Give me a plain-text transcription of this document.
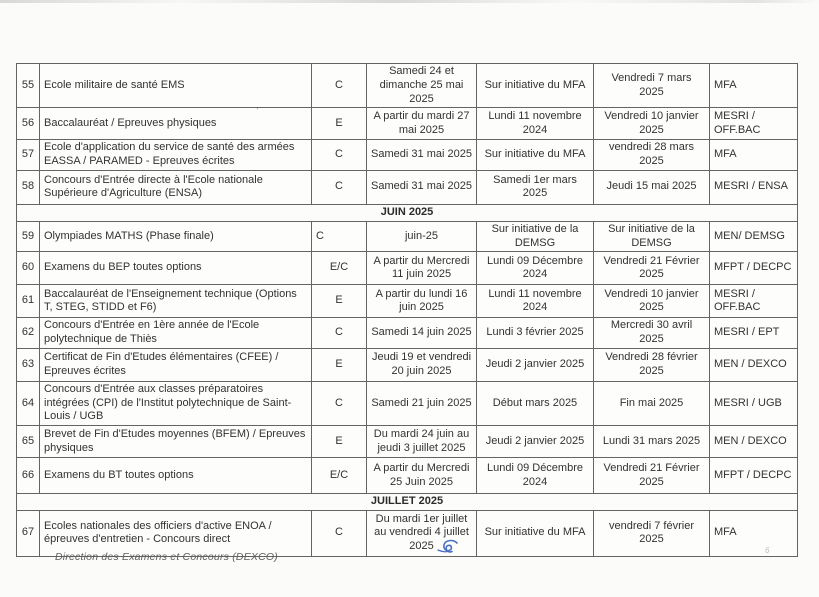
55	Ecole militaire de santé EMS	C	Samedi 24 et dimanche 25 mai 2025	Sur initiative du MFA	Vendredi 7 mars 2025	MFA
56	Baccalauréat / Epreuves physiques	E	A partir du mardi 27 mai 2025	Lundi 11 novembre 2024	Vendredi 10 janvier 2025	MESRI / OFF.BAC
57	Ecole d'application du service de santé des armées EASSA / PARAMED - Epreuves écrites	C	Samedi 31 mai 2025	Sur initiative du MFA	vendredi 28 mars 2025	MFA
58	Concours d'Entrée directe à l'Ecole nationale Supérieure d'Agriculture (ENSA)	C	Samedi 31 mai 2025	Samedi 1er mars 2025	Jeudi 15 mai 2025	MESRI / ENSA
JUIN 2025						
59	Olympiades MATHS (Phase finale)	C	juin-25	Sur initiative de la DEMSG	Sur initiative de la DEMSG	MEN/ DEMSG
60	Examens du BEP toutes options	E/C	A partir du Mercredi 11 juin 2025	Lundi 09 Décembre 2024	Vendredi 21 Février 2025	MFPT / DECPC
61	Baccalauréat de l'Enseignement technique (Options T, STEG, STIDD et F6)	E	A partir du lundi 16 juin 2025	Lundi 11 novembre 2024	Vendredi 10 janvier 2025	MESRI / OFF.BAC
62	Concours d'Entrée en 1ère année de l'Ecole polytechnique de Thiès	C	Samedi 14 juin 2025	Lundi 3 février 2025	Mercredi 30 avril 2025	MESRI / EPT
63	Certificat de Fin d'Etudes élémentaires (CFEE) / Epreuves écrites	E	Jeudi 19 et vendredi 20 juin 2025	Jeudi 2 janvier 2025	Vendredi 28 février 2025	MEN / DEXCO
64	Concours d'Entrée aux classes préparatoires intégrées (CPI) de l'Institut polytechnique de Saint-Louis / UGB	C	Samedi 21 juin 2025	Début mars 2025	Fin mai 2025	MESRI / UGB
65	Brevet de Fin d'Etudes moyennes (BFEM) / Epreuves physiques	E	Du mardi 24 juin au jeudi 3 juillet 2025	Jeudi 2 janvier 2025	Lundi 31 mars 2025	MEN / DEXCO
66	Examens du BT toutes options	E/C	A partir du Mercredi 25 Juin 2025	Lundi 09 Décembre 2024	Vendredi 21 Février 2025	MFPT / DECPC
JUILLET 2025						
67	Ecoles nationales des officiers d'active ENOA / épreuves d'entretien - Concours direct	C	Du mardi 1er juillet au vendredi 4 juillet 2025	Sur initiative du MFA	vendredi 7 février 2025	MFA
ˋ
Direction des Examens et Concours (DEXCO)
6
